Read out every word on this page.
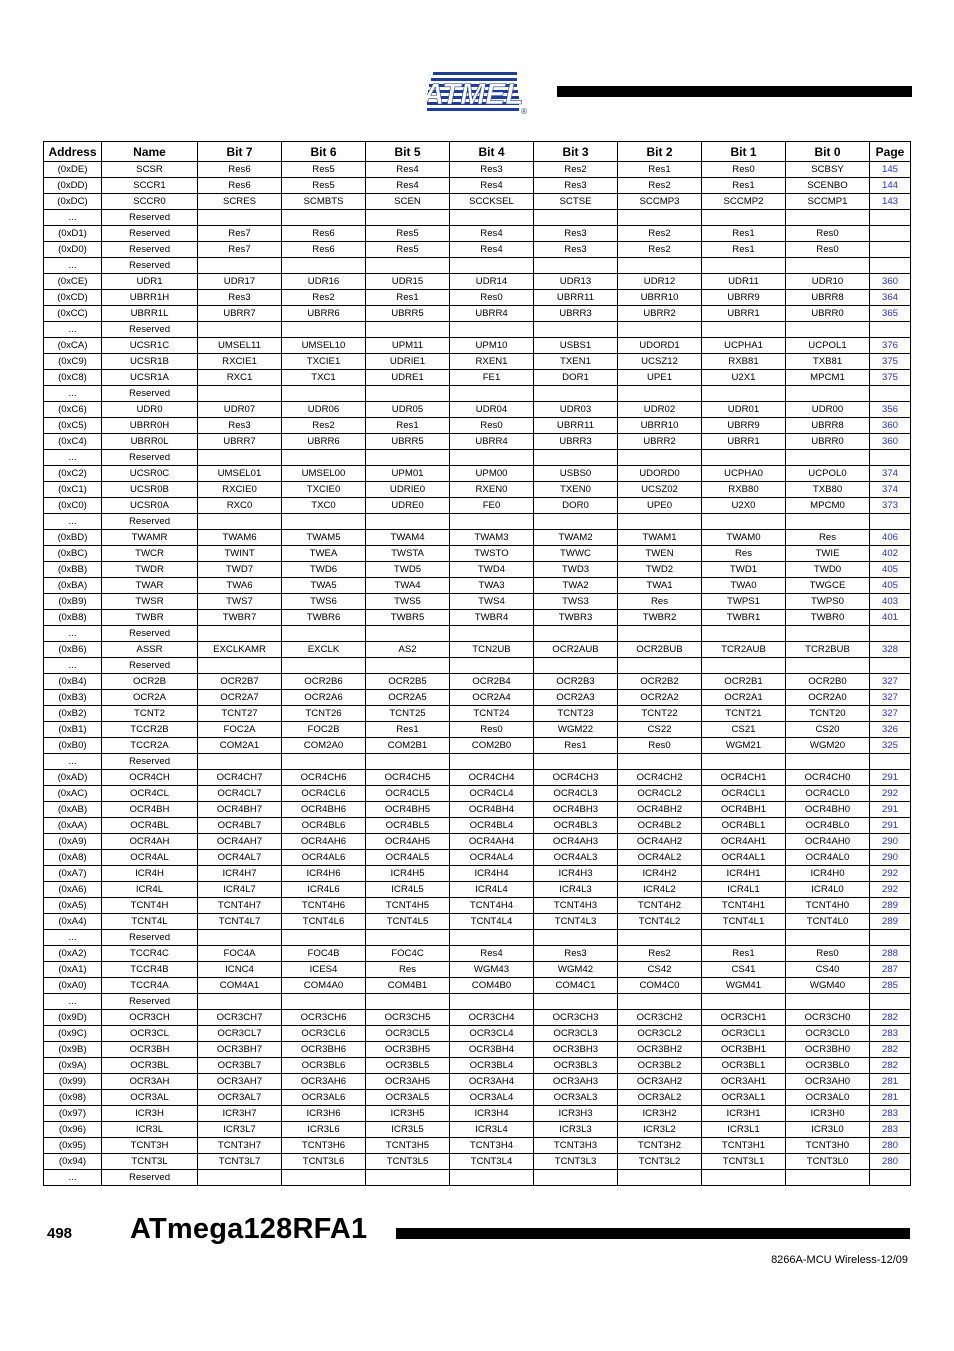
ATMEL
®
Address	Name	Bit 7	Bit 6	Bit 5	Bit 4	Bit 3	Bit 2	Bit 1	Bit 0	Page
(0xDE)	SCSR	Res6	Res5	Res4	Res3	Res2	Res1	Res0	SCBSY	145
(0xDD)	SCCR1	Res6	Res5	Res4	Res4	Res3	Res2	Res1	SCENBO	144
(0xDC)	SCCR0	SCRES	SCMBTS	SCEN	SCCKSEL	SCTSE	SCCMP3	SCCMP2	SCCMP1	143
...	Reserved									
(0xD1)	Reserved	Res7	Res6	Res5	Res4	Res3	Res2	Res1	Res0	
(0xD0)	Reserved	Res7	Res6	Res5	Res4	Res3	Res2	Res1	Res0	
...	Reserved									
(0xCE)	UDR1	UDR17	UDR16	UDR15	UDR14	UDR13	UDR12	UDR11	UDR10	360
(0xCD)	UBRR1H	Res3	Res2	Res1	Res0	UBRR11	UBRR10	UBRR9	UBRR8	364
(0xCC)	UBRR1L	UBRR7	UBRR6	UBRR5	UBRR4	UBRR3	UBRR2	UBRR1	UBRR0	365
...	Reserved									
(0xCA)	UCSR1C	UMSEL11	UMSEL10	UPM11	UPM10	USBS1	UDORD1	UCPHA1	UCPOL1	376
(0xC9)	UCSR1B	RXCIE1	TXCIE1	UDRIE1	RXEN1	TXEN1	UCSZ12	RXB81	TXB81	375
(0xC8)	UCSR1A	RXC1	TXC1	UDRE1	FE1	DOR1	UPE1	U2X1	MPCM1	375
...	Reserved									
(0xC6)	UDR0	UDR07	UDR06	UDR05	UDR04	UDR03	UDR02	UDR01	UDR00	356
(0xC5)	UBRR0H	Res3	Res2	Res1	Res0	UBRR11	UBRR10	UBRR9	UBRR8	360
(0xC4)	UBRR0L	UBRR7	UBRR6	UBRR5	UBRR4	UBRR3	UBRR2	UBRR1	UBRR0	360
...	Reserved									
(0xC2)	UCSR0C	UMSEL01	UMSEL00	UPM01	UPM00	USBS0	UDORD0	UCPHA0	UCPOL0	374
(0xC1)	UCSR0B	RXCIE0	TXCIE0	UDRIE0	RXEN0	TXEN0	UCSZ02	RXB80	TXB80	374
(0xC0)	UCSR0A	RXC0	TXC0	UDRE0	FE0	DOR0	UPE0	U2X0	MPCM0	373
...	Reserved									
(0xBD)	TWAMR	TWAM6	TWAM5	TWAM4	TWAM3	TWAM2	TWAM1	TWAM0	Res	406
(0xBC)	TWCR	TWINT	TWEA	TWSTA	TWSTO	TWWC	TWEN	Res	TWIE	402
(0xBB)	TWDR	TWD7	TWD6	TWD5	TWD4	TWD3	TWD2	TWD1	TWD0	405
(0xBA)	TWAR	TWA6	TWA5	TWA4	TWA3	TWA2	TWA1	TWA0	TWGCE	405
(0xB9)	TWSR	TWS7	TWS6	TWS5	TWS4	TWS3	Res	TWPS1	TWPS0	403
(0xB8)	TWBR	TWBR7	TWBR6	TWBR5	TWBR4	TWBR3	TWBR2	TWBR1	TWBR0	401
...	Reserved									
(0xB6)	ASSR	EXCLKAMR	EXCLK	AS2	TCN2UB	OCR2AUB	OCR2BUB	TCR2AUB	TCR2BUB	328
...	Reserved									
(0xB4)	OCR2B	OCR2B7	OCR2B6	OCR2B5	OCR2B4	OCR2B3	OCR2B2	OCR2B1	OCR2B0	327
(0xB3)	OCR2A	OCR2A7	OCR2A6	OCR2A5	OCR2A4	OCR2A3	OCR2A2	OCR2A1	OCR2A0	327
(0xB2)	TCNT2	TCNT27	TCNT26	TCNT25	TCNT24	TCNT23	TCNT22	TCNT21	TCNT20	327
(0xB1)	TCCR2B	FOC2A	FOC2B	Res1	Res0	WGM22	CS22	CS21	CS20	326
(0xB0)	TCCR2A	COM2A1	COM2A0	COM2B1	COM2B0	Res1	Res0	WGM21	WGM20	325
...	Reserved									
(0xAD)	OCR4CH	OCR4CH7	OCR4CH6	OCR4CH5	OCR4CH4	OCR4CH3	OCR4CH2	OCR4CH1	OCR4CH0	291
(0xAC)	OCR4CL	OCR4CL7	OCR4CL6	OCR4CL5	OCR4CL4	OCR4CL3	OCR4CL2	OCR4CL1	OCR4CL0	292
(0xAB)	OCR4BH	OCR4BH7	OCR4BH6	OCR4BH5	OCR4BH4	OCR4BH3	OCR4BH2	OCR4BH1	OCR4BH0	291
(0xAA)	OCR4BL	OCR4BL7	OCR4BL6	OCR4BL5	OCR4BL4	OCR4BL3	OCR4BL2	OCR4BL1	OCR4BL0	291
(0xA9)	OCR4AH	OCR4AH7	OCR4AH6	OCR4AH5	OCR4AH4	OCR4AH3	OCR4AH2	OCR4AH1	OCR4AH0	290
(0xA8)	OCR4AL	OCR4AL7	OCR4AL6	OCR4AL5	OCR4AL4	OCR4AL3	OCR4AL2	OCR4AL1	OCR4AL0	290
(0xA7)	ICR4H	ICR4H7	ICR4H6	ICR4H5	ICR4H4	ICR4H3	ICR4H2	ICR4H1	ICR4H0	292
(0xA6)	ICR4L	ICR4L7	ICR4L6	ICR4L5	ICR4L4	ICR4L3	ICR4L2	ICR4L1	ICR4L0	292
(0xA5)	TCNT4H	TCNT4H7	TCNT4H6	TCNT4H5	TCNT4H4	TCNT4H3	TCNT4H2	TCNT4H1	TCNT4H0	289
(0xA4)	TCNT4L	TCNT4L7	TCNT4L6	TCNT4L5	TCNT4L4	TCNT4L3	TCNT4L2	TCNT4L1	TCNT4L0	289
...	Reserved									
(0xA2)	TCCR4C	FOC4A	FOC4B	FOC4C	Res4	Res3	Res2	Res1	Res0	288
(0xA1)	TCCR4B	ICNC4	ICES4	Res	WGM43	WGM42	CS42	CS41	CS40	287
(0xA0)	TCCR4A	COM4A1	COM4A0	COM4B1	COM4B0	COM4C1	COM4C0	WGM41	WGM40	285
...	Reserved									
(0x9D)	OCR3CH	OCR3CH7	OCR3CH6	OCR3CH5	OCR3CH4	OCR3CH3	OCR3CH2	OCR3CH1	OCR3CH0	282
(0x9C)	OCR3CL	OCR3CL7	OCR3CL6	OCR3CL5	OCR3CL4	OCR3CL3	OCR3CL2	OCR3CL1	OCR3CL0	283
(0x9B)	OCR3BH	OCR3BH7	OCR3BH6	OCR3BH5	OCR3BH4	OCR3BH3	OCR3BH2	OCR3BH1	OCR3BH0	282
(0x9A)	OCR3BL	OCR3BL7	OCR3BL6	OCR3BL5	OCR3BL4	OCR3BL3	OCR3BL2	OCR3BL1	OCR3BL0	282
(0x99)	OCR3AH	OCR3AH7	OCR3AH6	OCR3AH5	OCR3AH4	OCR3AH3	OCR3AH2	OCR3AH1	OCR3AH0	281
(0x98)	OCR3AL	OCR3AL7	OCR3AL6	OCR3AL5	OCR3AL4	OCR3AL3	OCR3AL2	OCR3AL1	OCR3AL0	281
(0x97)	ICR3H	ICR3H7	ICR3H6	ICR3H5	ICR3H4	ICR3H3	ICR3H2	ICR3H1	ICR3H0	283
(0x96)	ICR3L	ICR3L7	ICR3L6	ICR3L5	ICR3L4	ICR3L3	ICR3L2	ICR3L1	ICR3L0	283
(0x95)	TCNT3H	TCNT3H7	TCNT3H6	TCNT3H5	TCNT3H4	TCNT3H3	TCNT3H2	TCNT3H1	TCNT3H0	280
(0x94)	TCNT3L	TCNT3L7	TCNT3L6	TCNT3L5	TCNT3L4	TCNT3L3	TCNT3L2	TCNT3L1	TCNT3L0	280
...	Reserved									
498 ATmega128RFA1
8266A-MCU Wireless-12/09
